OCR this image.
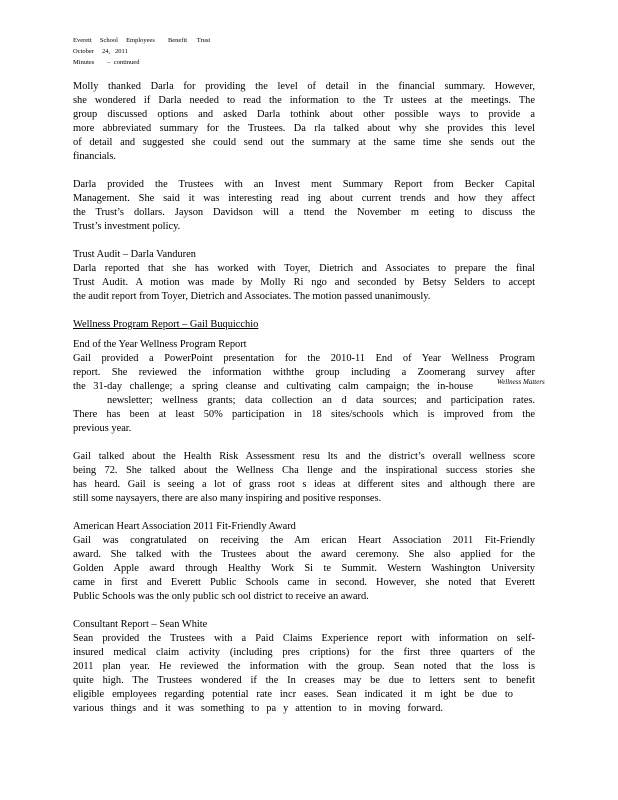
Everett     School     Employees        Benefit      Trust
October     24,   2011
Minutes        –  continued
Molly thanked Darla for providing the level of detail in the financial summary. However,
she wondered if Darla needed to read the information to the Tr ustees at the meetings. The
group discussed options and asked Darla tothink about other possible ways to provide a
more abbreviated summary for the Trustees. Da rla talked about why she provides this level
of detail and suggested she could send out the summary at the same time she sends out the
financials.
Darla provided the Trustees with an Invest ment Summary Report from Becker Capital
Management. She said it was interesting read ing about current trends and how they affect
the Trust’s dollars. Jayson Davidson will a ttend the November m eeting to discuss the
Trust’s investment policy.
Trust Audit – Darla Vanduren
Darla reported that she has worked with Toyer, Dietrich and Associates to prepare the final
Trust Audit. A motion was made by Molly Ri ngo and seconded by Betsy Selders to accept
the audit report from Toyer, Dietrich and Associates. The motion passed unanimously.
Wellness Program Report – Gail Buquicchio
End of the Year Wellness Program Report
Gail provided a PowerPoint presentation for the 2010-11 End of Year Wellness Program
report. She reviewed the information withthe group including a Zoomerang survey after
the 31-day challenge; a spring cleanse and cultivating calm campaign; the in-house	Wellness Matters
newsletter; wellness grants; data collection an d data sources; and participation rates.
There has been at least 50% participation in 18 sites/schools which is improved from the
previous year.
Gail talked about the Health Risk Assessment resu lts and the district’s overall wellness score
being 72. She talked about the Wellness Cha llenge and the inspirational success stories she
has heard. Gail is seeing a lot of grass root s ideas at different sites and although there are
still some naysayers, there are also many inspiring and positive responses.
American Heart Association 2011 Fit-Friendly Award
Gail was congratulated on receiving the Am erican Heart Association 2011 Fit-Friendly
award. She talked with the Trustees about the award ceremony. She also applied for the
Golden Apple award through Healthy Work Si te Summit. Western Washington University
came in first and Everett Public Schools came in second. However, she noted that Everett
Public Schools was the only public sch ool district to receive an award.
Consultant Report – Sean White
Sean provided the Trustees with a Paid Claims Experience report with information on self-
insured medical claim activity (including pres criptions) for the first three quarters of the
2011 plan year. He reviewed the information with the group. Sean noted that the loss is
quite high. The Trustees wondered if the In creases may be due to letters sent to benefit
eligible employees regarding potential rate incr eases. Sean indicated it m ight be due to
various things and it was something to pa y attention to in moving forward.
